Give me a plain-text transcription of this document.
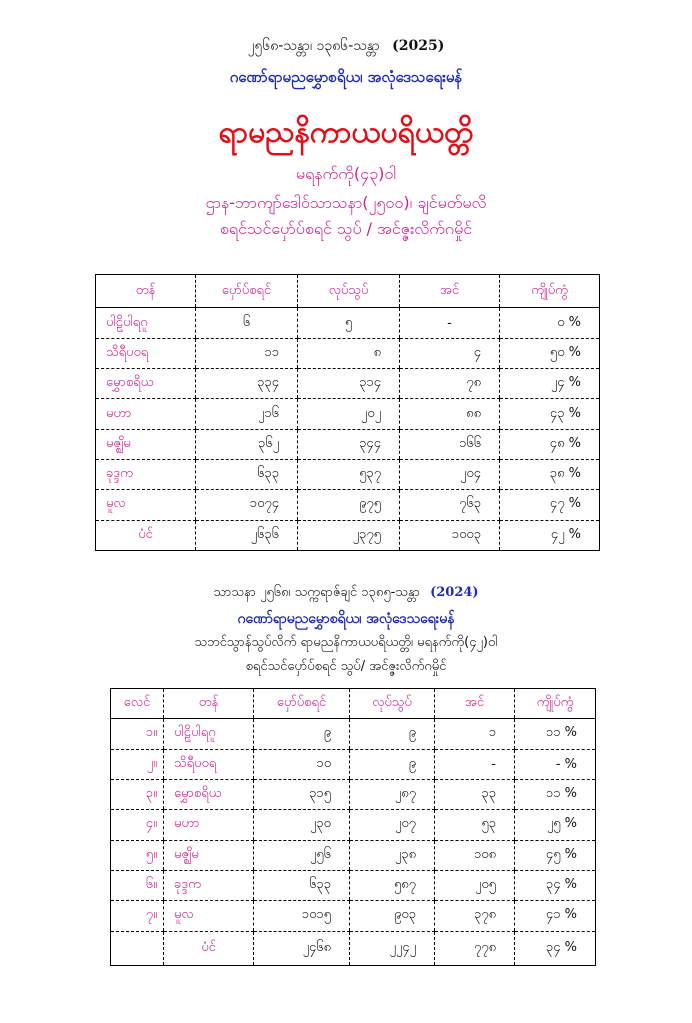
၂၅၆၈-သန္တာ၊ ၁၃၈၆-သန္တာ (2025)
ဂဏော်ရာမညမွှောစရိယ၊ အလုံဒေသရေးမန်
ရာမညနိကာယပရိယတ္တိ
မရနက်ကို(၄၃)ဝါ
ဌာန-ဘာကျာ်ဒေါဝ်သာသနာ(၂၅၀၀)၊ ချင်မတ်မလိ
စရင်သင်ပှော်ပ်စရင် သွပ် / အင်ဇ္ဇးလိက်ဂမှိုင်
တန်	ပှော်ပ်စရင်	လုပ်သွပ်	အင်	ကျိုပ်ကွံ
ပါဠိပါရဂူ	၆	၅	-	၀ %
သိရီပဝရ	၁၁	၈	၄	၅၀ %
မွှောစရိယ	၃၃၄	၃၁၄	၇၈	၂၄ %
မဟာ	၂၁၆	၂၀၂	၈၈	၄၃ %
မဇ္ဈိမ	၃၆၂	၃၄၄	၁၆၆	၄၈ %
ခုဒ္ဒက	၆၃၃	၅၃၇	၂၀၄	၃၈ %
မူလ	၁၀၇၄	၉၇၅	၇၆၃	၄၇ %
ပံင်	၂၆၃၆	၂၃၇၅	၁၀၀၃	၄၂ %
သာသနာ ၂၅၆၈၊ သက္ကရာဇ်ချင် ၁၃၈၅-သန္တာ (2024)
ဂဏော်ရာမညမွှောစရိယ၊ အလုံဒေသရေးမန်
သဘင်သွာန်သွပ်လိက် ရာမညနိကာယပရိယတ္တိ၊ မရနက်ကို(၄၂)ဝါ
စရင်သင်ပှော်ပ်စရင် သွပ်/ အင်ဇ္ဇးလိက်ဂမှိုင်
လေင်	တန်	ပှော်ပ်စရင်	လုပ်သွပ်	အင်	ကျိုပ်ကွံ
၁။	ပါဠိပါရဂူ	၉	၉	၁	၁၁ %
၂။	သိရီပဝရ	၁၀	၉	-	- %
၃။	မွှောစရိယ	၃၁၅	၂၈၇	၃၃	၁၁ %
၄။	မဟာ	၂၃၀	၂၀၇	၅၃	၂၅ %
၅။	မဇ္ဈိမ	၂၅၆	၂၃၈	၁၀၈	၄၅ %
၆။	ခုဒ္ဒက	၆၃၃	၅၈၇	၂၀၅	၃၄ %
၇။	မူလ	၁၀၁၅	၉၀၃	၃၇၈	၄၁ %
	ပံင်	၂၄၆၈	၂၂၄၂	၇၇၈	၃၄ %
